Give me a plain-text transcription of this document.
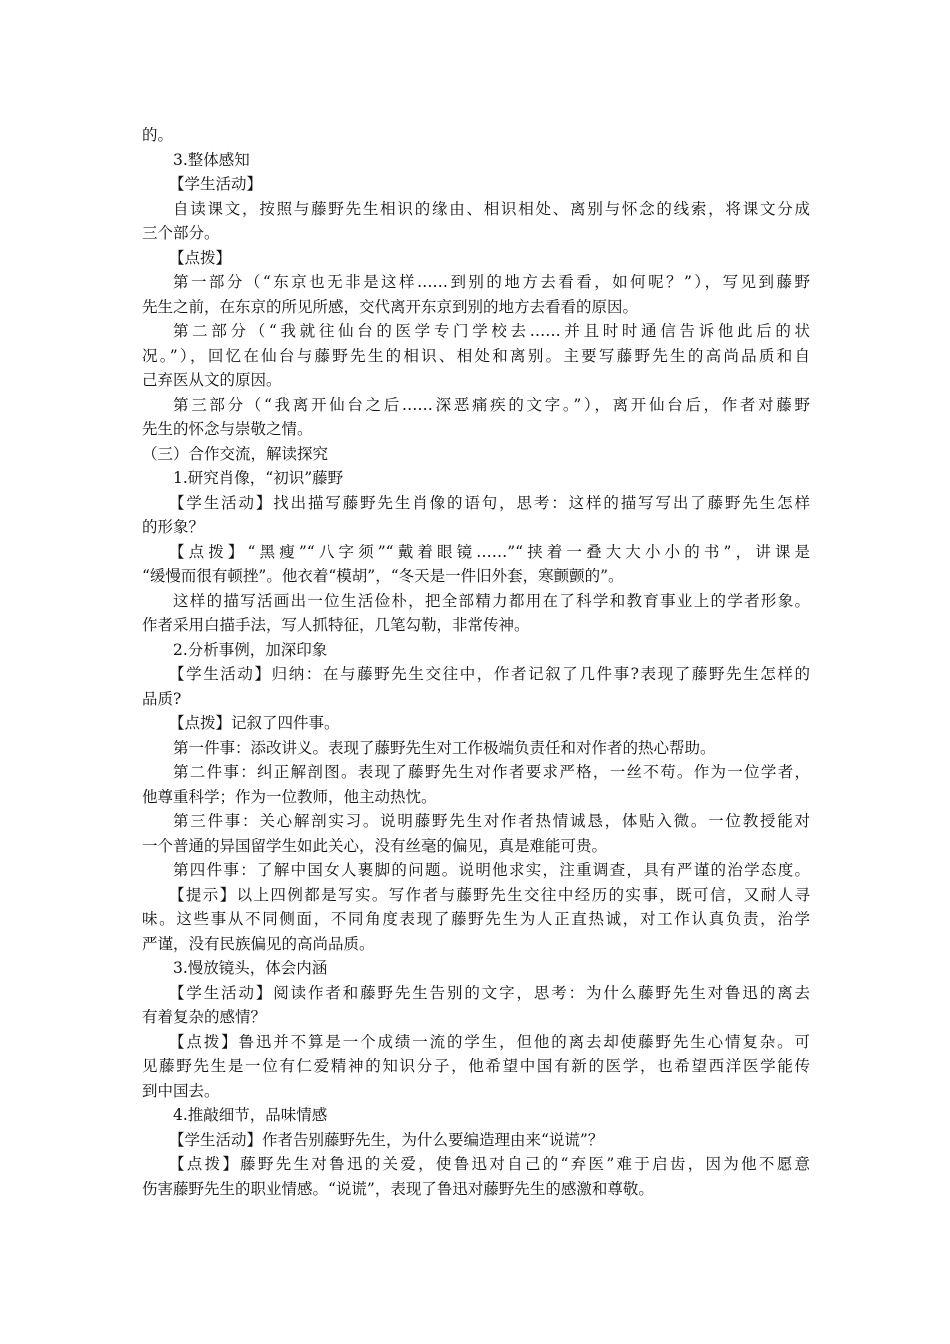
的。
3.整体感知
【学生活动】
自读课文，按照与藤野先生相识的缘由、相识相处、离别与怀念的线索，将课文分成
三个部分。
【点拨】
第一部分（“东京也无非是这样……到别的地方去看看，如何呢？”），写见到藤野
先生之前，在东京的所见所感，交代离开东京到别的地方去看看的原因。
第二部分（“我就往仙台的医学专门学校去……并且时时通信告诉他此后的状
况。”），回忆在仙台与藤野先生的相识、相处和离别。主要写藤野先生的高尚品质和自
己弃医从文的原因。
第三部分（“我离开仙台之后……深恶痛疾的文字。”），离开仙台后，作者对藤野
先生的怀念与崇敬之情。
（三）合作交流，解读探究
1.研究肖像，“初识”藤野
【学生活动】找出描写藤野先生肖像的语句，思考：这样的描写写出了藤野先生怎样
的形象？
【点拨】“黑瘦”“八字须”“戴着眼镜……”“挟着一叠大大小小的书”，讲课是
“缓慢而很有顿挫”。他衣着“模胡”，“冬天是一件旧外套，寒颤颤的”。
这样的描写活画出一位生活俭朴，把全部精力都用在了科学和教育事业上的学者形象。
作者采用白描手法，写人抓特征，几笔勾勒，非常传神。
2.分析事例，加深印象
【学生活动】归纳：在与藤野先生交往中，作者记叙了几件事?表现了藤野先生怎样的
品质?
【点拨】记叙了四件事。
第一件事：添改讲义。表现了藤野先生对工作极端负责任和对作者的热心帮助。
第二件事：纠正解剖图。表现了藤野先生对作者要求严格，一丝不苟。作为一位学者，
他尊重科学；作为一位教师，他主动热忱。
第三件事：关心解剖实习。说明藤野先生对作者热情诚恳，体贴入微。一位教授能对
一个普通的异国留学生如此关心，没有丝毫的偏见，真是难能可贵。
第四件事：了解中国女人裹脚的问题。说明他求实，注重调查，具有严谨的治学态度。
【提示】以上四例都是写实。写作者与藤野先生交往中经历的实事，既可信，又耐人寻
味。这些事从不同侧面，不同角度表现了藤野先生为人正直热诚，对工作认真负责，治学
严谨，没有民族偏见的高尚品质。
3.慢放镜头，体会内涵
【学生活动】阅读作者和藤野先生告别的文字，思考：为什么藤野先生对鲁迅的离去
有着复杂的感情？
【点拨】鲁迅并不算是一个成绩一流的学生，但他的离去却使藤野先生心情复杂。可
见藤野先生是一位有仁爱精神的知识分子，他希望中国有新的医学，也希望西洋医学能传
到中国去。
4.推敲细节，品味情感
【学生活动】作者告别藤野先生，为什么要编造理由来“说谎”？
【点拨】藤野先生对鲁迅的关爱，使鲁迅对自己的“弃医”难于启齿，因为他不愿意
伤害藤野先生的职业情感。“说谎”，表现了鲁迅对藤野先生的感激和尊敬。
